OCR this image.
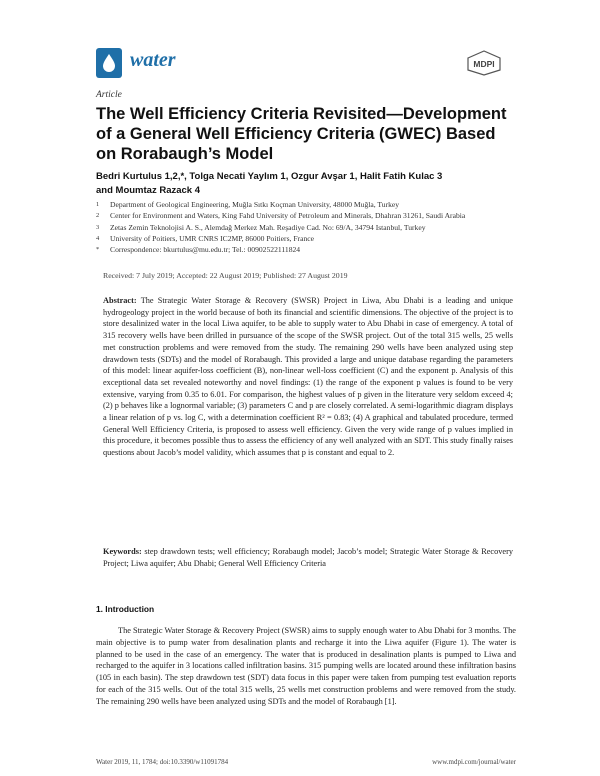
water	MDPI
Article
The Well Efficiency Criteria Revisited—Development of a General Well Efficiency Criteria (GWEC) Based on Rorabaugh’s Model
Bedri Kurtulus 1,2,*, Tolga Necati Yaylım 1, Ozgur Avşar 1, Halit Fatih Kulac 3
and Moumtaz Razack 4
1	Department of Geological Engineering, Muğla Sıtkı Koçman University, 48000 Muğla, Turkey
2	Center for Environment and Waters, King Fahd University of Petroleum and Minerals, Dhahran 31261, Saudi Arabia
3	Zetas Zemin Teknolojisi A. S., Alemdağ Merkez Mah. Reşadiye Cad. No: 69/A, 34794 Istanbul, Turkey
4	University of Poitiers, UMR CNRS IC2MP, 86000 Poitiers, France
*	Correspondence: bkurtulus@mu.edu.tr; Tel.: 00902522111824
Received: 7 July 2019; Accepted: 22 August 2019; Published: 27 August 2019
Abstract: The Strategic Water Storage & Recovery (SWSR) Project in Liwa, Abu Dhabi is a leading and unique hydrogeology project in the world because of both its financial and scientific dimensions. The objective of the project is to store desalinized water in the local Liwa aquifer, to be able to supply water to Abu Dhabi in case of emergency. A total of 315 recovery wells have been drilled in pursuance of the scope of the SWSR project. Out of the total 315 wells, 25 wells met construction problems and were removed from the study. The remaining 290 wells have been analyzed using step drawdown tests (SDTs) and the model of Rorabaugh. This provided a large and unique database regarding the parameters of this model: linear aquifer-loss coefficient (B), non-linear well-loss coefficient (C) and the exponent p. Analysis of this exceptional data set revealed noteworthy and novel findings: (1) the range of the exponent p values is found to be very extensive, varying from 0.35 to 6.01. For comparison, the highest values of p given in the literature very seldom exceed 4; (2) p behaves like a lognormal variable; (3) parameters C and p are closely correlated. A semi-logarithmic diagram displays a linear relation of p vs. log C, with a determination coefficient R² = 0.83; (4) A graphical and tabulated procedure, termed General Well Efficiency Criteria, is proposed to assess well efficiency. Given the very wide range of p values implied in this procedure, it becomes possible thus to assess the efficiency of any well analyzed with an SDT. This study finally raises questions about Jacob’s model validity, which assumes that p is constant and equal to 2.
Keywords: step drawdown tests; well efficiency; Rorabaugh model; Jacob’s model; Strategic Water Storage & Recovery Project; Liwa aquifer; Abu Dhabi; General Well Efficiency Criteria
1. Introduction
The Strategic Water Storage & Recovery Project (SWSR) aims to supply enough water to Abu Dhabi for 3 months. The main objective is to pump water from desalination plants and recharge it into the Liwa aquifer (Figure 1). The water is planned to be used in the case of an emergency. The water that is produced in desalination plants is pumped to Liwa and recharged to the aquifer in 3 locations called infiltration basins. 315 pumping wells are located around these infiltration basins (105 in each basin). The step drawdown test (SDT) data focus in this paper were taken from pumping test evaluation reports for each of the 315 wells. Out of the total 315 wells, 25 wells met construction problems and were removed from the study. The remaining 290 wells have been analyzed using SDTs and the model of Rorabaugh [1].
Water 2019, 11, 1784; doi:10.3390/w11091784	www.mdpi.com/journal/water
